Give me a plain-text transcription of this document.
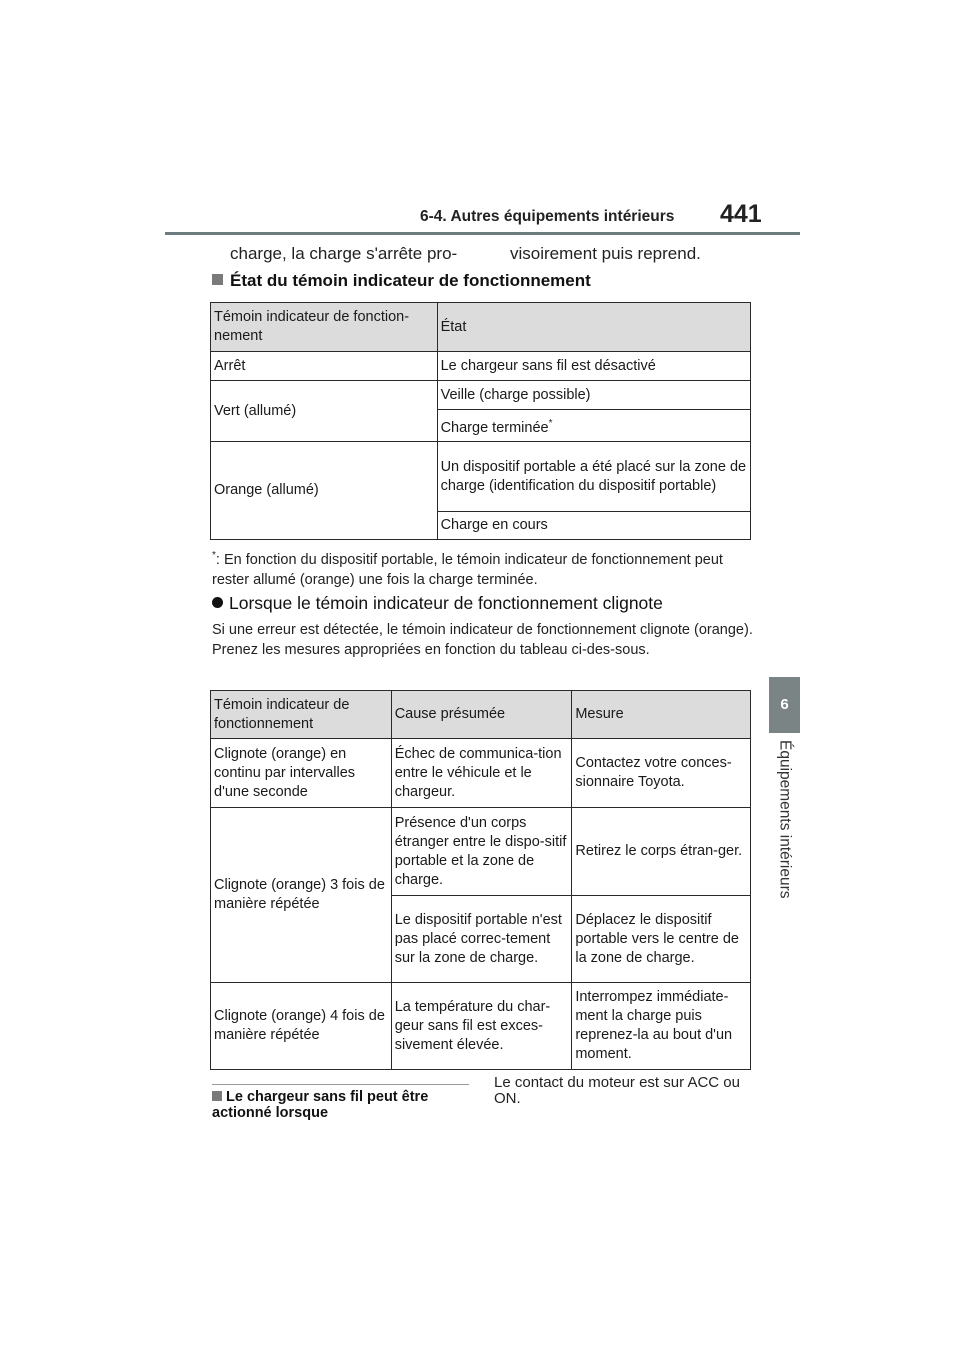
6-4. Autres équipements intérieurs 441
6
Équipements intérieurs
charge, la charge s'arrête pro-	visoirement puis reprend.
État du témoin indicateur de fonctionnement
Témoin indicateur de fonction-nement	État
Arrêt	Le chargeur sans fil est désactivé
Vert (allumé)	Veille (charge possible)
	Charge terminée*
Orange (allumé)	Un dispositif portable a été placé sur la zone de charge (identification du dispositif portable)
	Charge en cours
*: En fonction du dispositif portable, le témoin indicateur de fonctionnement peut rester allumé (orange) une fois la charge terminée.
Lorsque le témoin indicateur de fonctionnement clignote
Si une erreur est détectée, le témoin indicateur de fonctionnement clignote (orange). Prenez les mesures appropriées en fonction du tableau ci-des-sous.
Témoin indicateur de fonctionnement	Cause présumée	Mesure
Clignote (orange) en continu par intervalles d'une seconde	Échec de communica-tion entre le véhicule et le chargeur.	Contactez votre conces-sionnaire Toyota.
Clignote (orange) 3 fois de manière répétée	Présence d'un corps étranger entre le dispo-sitif portable et la zone de charge.	Retirez le corps étran-ger.
	Le dispositif portable n'est pas placé correc-tement sur la zone de charge.	Déplacez le dispositif portable vers le centre de la zone de charge.
Clignote (orange) 4 fois de manière répétée	La température du char-geur sans fil est exces-sivement élevée.	Interrompez immédiate-ment la charge puis reprenez-la au bout d'un moment.
Le chargeur sans fil peut être actionné lorsque
Le contact du moteur est sur ACC ou ON.
